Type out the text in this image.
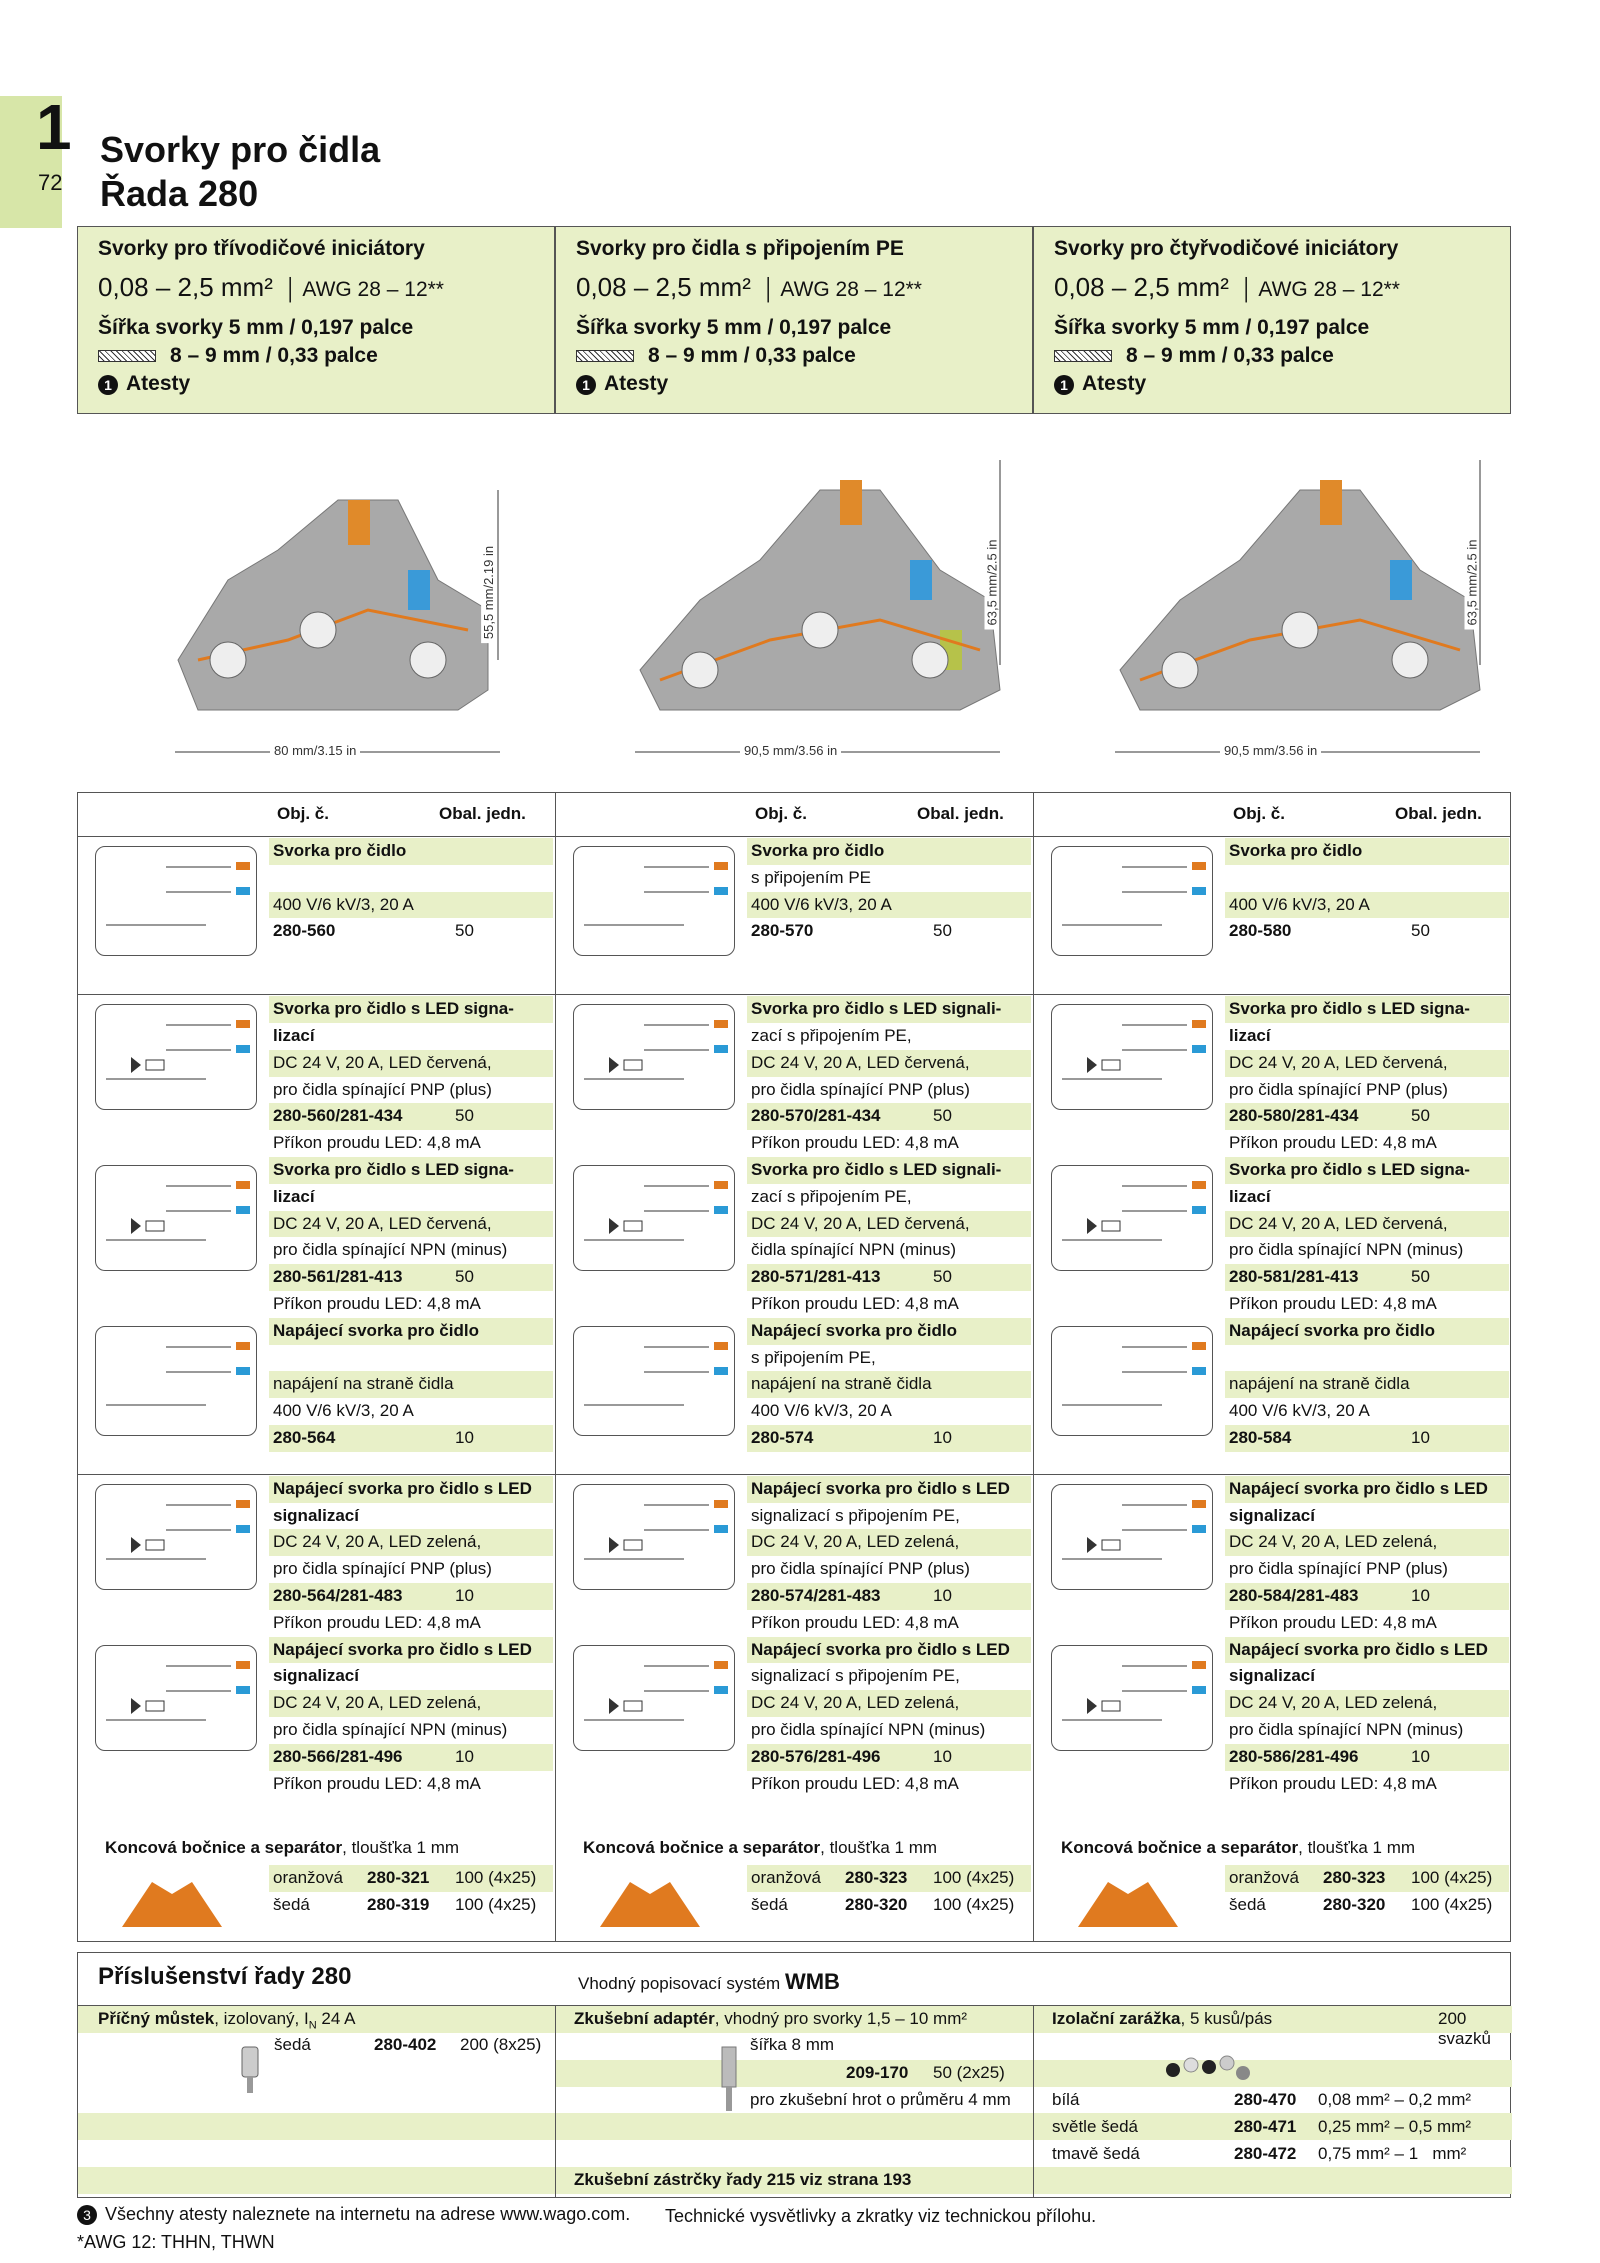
1
72
Svorky pro čidla
Řada 280
Svorky pro třívodičové iniciátory
0,08 – 2,5 mm²  │ AWG 28 – 12**
Šířka svorky 5 mm / 0,197 palce
8 – 9 mm / 0,33 palce
1 Atesty
Svorky pro čidla s připojením PE
0,08 – 2,5 mm²  │ AWG 28 – 12**
Šířka svorky 5 mm / 0,197 palce
8 – 9 mm / 0,33 palce
1 Atesty
Svorky pro čtyřvodičové iniciátory
0,08 – 2,5 mm²  │ AWG 28 – 12**
Šířka svorky 5 mm / 0,197 palce
8 – 9 mm / 0,33 palce
1 Atesty
80 mm/3.15 in	90,5 mm/3.56 in	90,5 mm/3.56 in
55,5 mm/2.19 in	63,5 mm/2.5 in	63,5 mm/2.5 in
Obj. č.	Obal. jedn.
Svorka pro čidlo
400 V/6 kV/3, 20 A
280-560	50
Svorka pro čidlo s LED signa-
lizací
DC 24 V, 20 A, LED červená,
pro čidla spínající PNP (plus)
280-560/281-434	50
Příkon proudu LED: 4,8 mA
Svorka pro čidlo s LED signa-
lizací
DC 24 V, 20 A, LED červená,
pro čidla spínající NPN (minus)
280-561/281-413	50
Příkon proudu LED: 4,8 mA
Napájecí svorka pro čidlo
napájení na straně čidla
400 V/6 kV/3, 20 A
280-564	10
Napájecí svorka pro čidlo s LED
signalizací
DC 24 V, 20 A, LED zelená,
pro čidla spínající PNP (plus)
280-564/281-483	10
Příkon proudu LED: 4,8 mA
Napájecí svorka pro čidlo s LED
signalizací
DC 24 V, 20 A, LED zelená,
pro čidla spínající NPN (minus)
280-566/281-496	10
Příkon proudu LED: 4,8 mA
Koncová bočnice a separátor, tloušťka 1 mm
oranžová 280-321 100 (4x25)
šedá	280-319 100 (4x25)
Obj. č.	Obal. jedn.
Svorka pro čidlo
s připojením PE
400 V/6 kV/3, 20 A
280-570	50
Svorka pro čidlo s LED signali-
zací s připojením PE,
DC 24 V, 20 A, LED červená,
pro čidla spínající PNP (plus)
280-570/281-434	50
Příkon proudu LED: 4,8 mA
Svorka pro čidlo s LED signali-
zací s připojením PE,
DC 24 V, 20 A, LED červená,
čidla spínající NPN (minus)
280-571/281-413	50
Příkon proudu LED: 4,8 mA
Napájecí svorka pro čidlo
s připojením PE,
napájení na straně čidla
400 V/6 kV/3, 20 A
280-574	10
Napájecí svorka pro čidlo s LED
signalizací s připojením PE,
DC 24 V, 20 A, LED zelená,
pro čidla spínající PNP (plus)
280-574/281-483	10
Příkon proudu LED: 4,8 mA
Napájecí svorka pro čidlo s LED
signalizací s připojením PE,
DC 24 V, 20 A, LED zelená,
pro čidla spínající NPN (minus)
280-576/281-496	10
Příkon proudu LED: 4,8 mA
Koncová bočnice a separátor, tloušťka 1 mm
oranžová 280-323 100 (4x25)
šedá	280-320 100 (4x25)
Obj. č.	Obal. jedn.
Svorka pro čidlo
400 V/6 kV/3, 20 A
280-580	50
Svorka pro čidlo s LED signa-
lizací
DC 24 V, 20 A, LED červená,
pro čidla spínající PNP (plus)
280-580/281-434	50
Příkon proudu LED: 4,8 mA
Svorka pro čidlo s LED signa-
lizací
DC 24 V, 20 A, LED červená,
pro čidla spínající NPN (minus)
280-581/281-413	50
Příkon proudu LED: 4,8 mA
Napájecí svorka pro čidlo
napájení na straně čidla
400 V/6 kV/3, 20 A
280-584	10
Napájecí svorka pro čidlo s LED
signalizací
DC 24 V, 20 A, LED zelená,
pro čidla spínající PNP (plus)
280-584/281-483	10
Příkon proudu LED: 4,8 mA
Napájecí svorka pro čidlo s LED
signalizací
DC 24 V, 20 A, LED zelená,
pro čidla spínající NPN (minus)
280-586/281-496	10
Příkon proudu LED: 4,8 mA
Koncová bočnice a separátor, tloušťka 1 mm
oranžová 280-323 100 (4x25)
šedá	280-320 100 (4x25)
Příslušenství řady 280	Vhodný popisovací systém WMB
Příčný můstek, izolovaný, $I_N$ 24 A
šedá	280-402 200 (8x25)
Zkušební adaptér, vhodný pro svorky 1,5 – 10 mm²
šířka 8 mm
209-170 50 (2x25)
pro zkušební hrot o průměru 4 mm
Zkušební zástrčky řady 215 viz strana 193
Izolační zarážka, 5 kusů/pás	200 svazků
bílá	280-470 0,08 mm² – 0,2 mm²
světle šedá	280-471 0,25 mm² – 0,5 mm²
tmavě šedá	280-472 0,75 mm² – 1   mm²
3 Všechny atesty naleznete na internetu na adrese www.wago.com.
*AWG 12: THHN, THWN
Technické vysvětlivky a zkratky viz technickou přílohu.
